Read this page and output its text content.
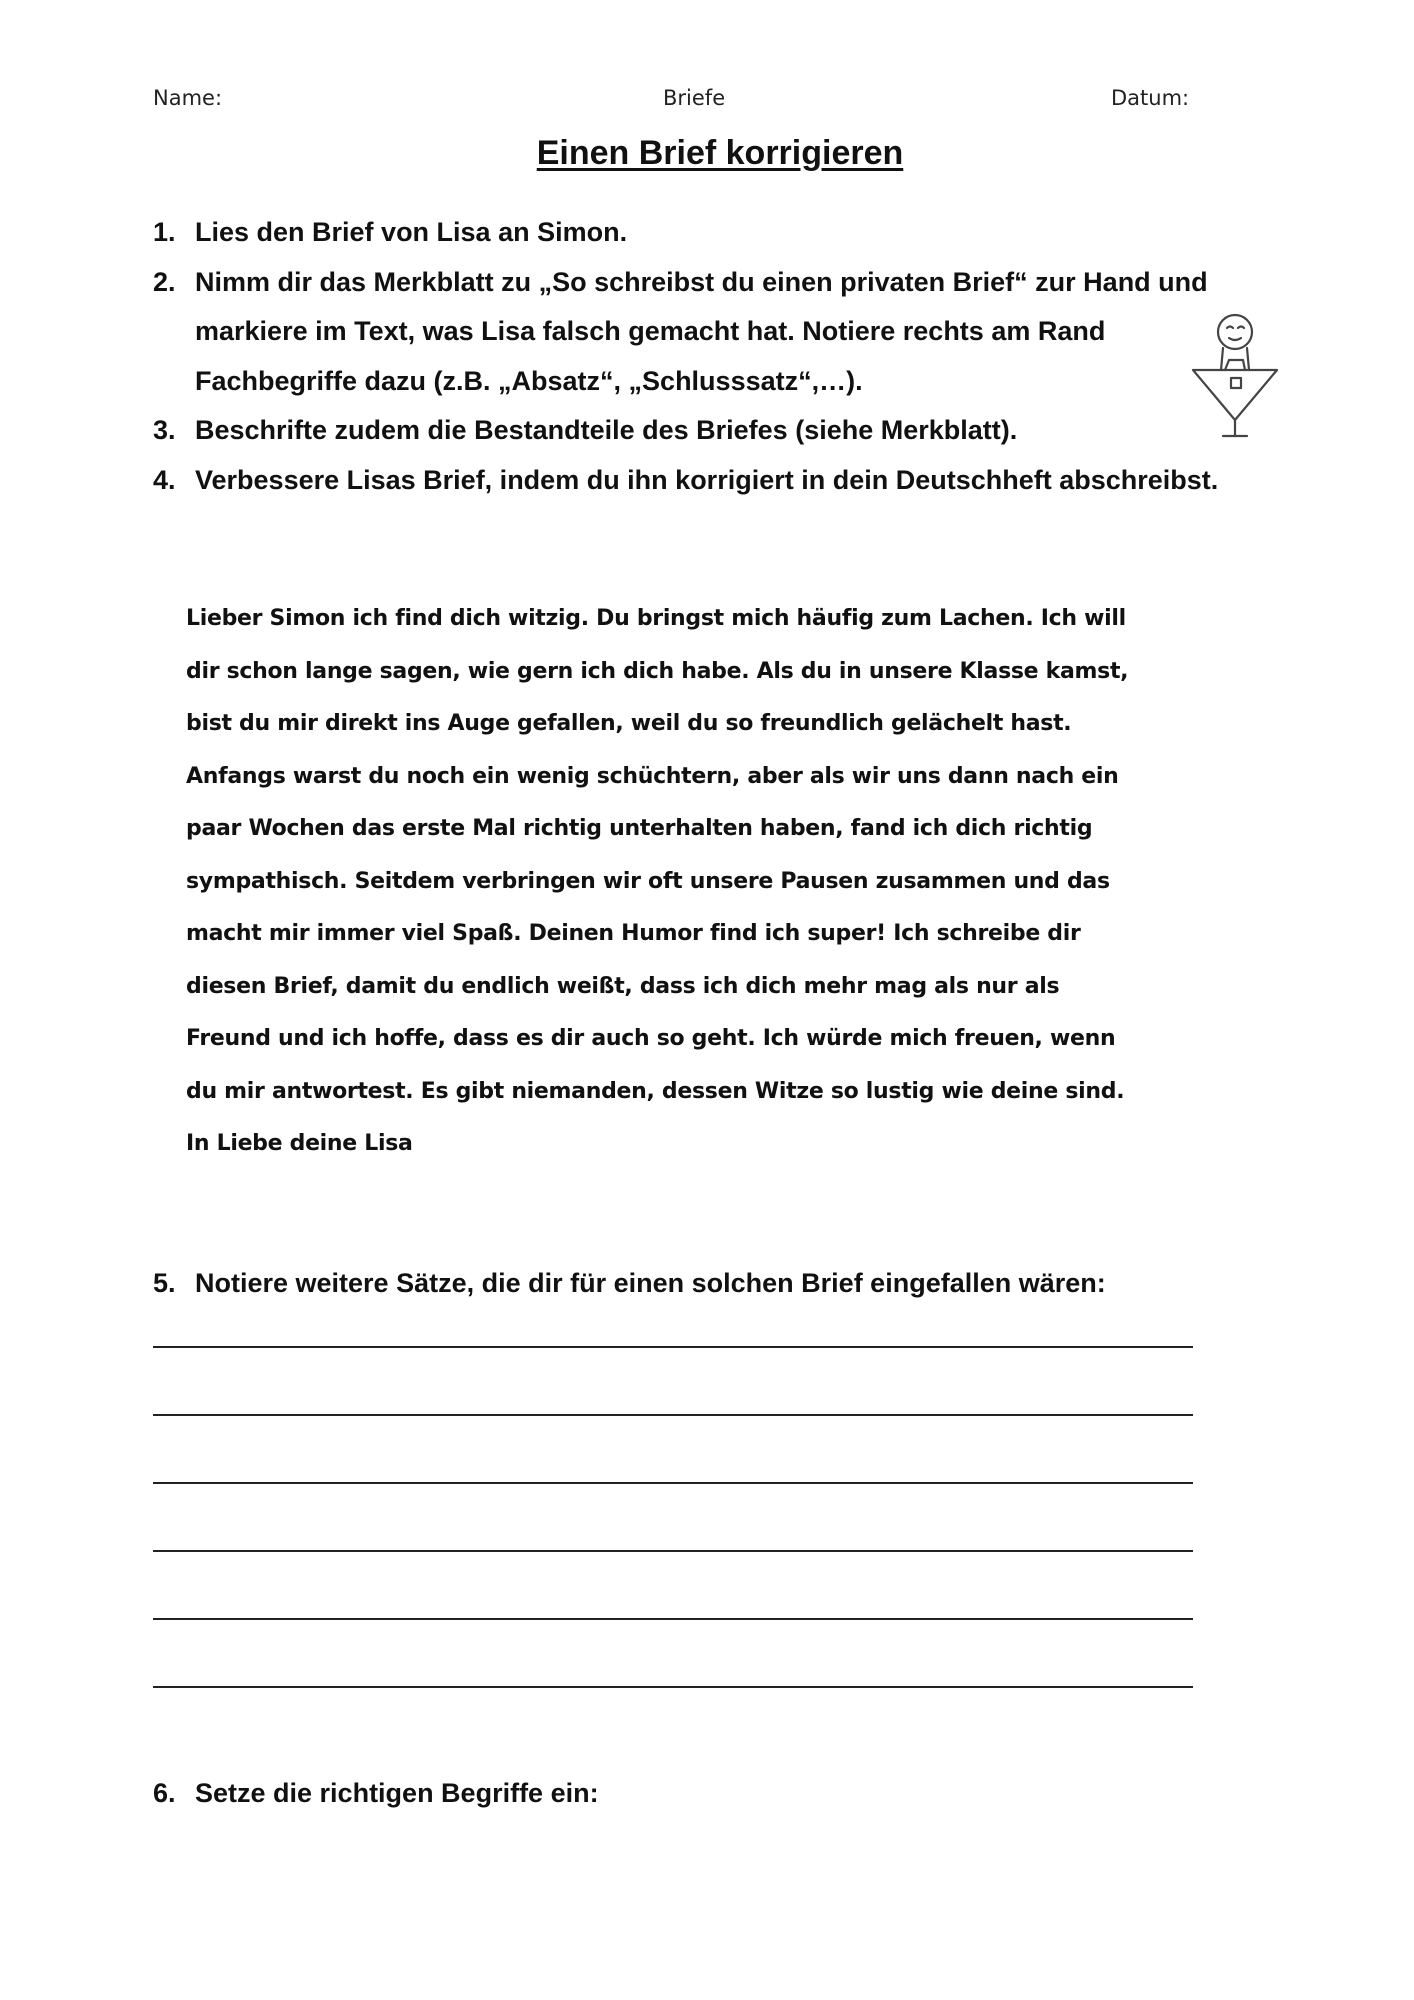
Name:	Briefe	Datum:
Einen Brief korrigieren
1. Lies den Brief von Lisa an Simon.
2. Nimm dir das Merkblatt zu „So schreibst du einen privaten Brief“ zur Hand und
markiere im Text, was Lisa falsch gemacht hat. Notiere rechts am Rand
Fachbegriffe dazu (z.B. „Absatz“, „Schlusssatz“,…).
3. Beschrifte zudem die Bestandteile des Briefes (siehe Merkblatt).
4. Verbessere Lisas Brief, indem du ihn korrigiert in dein Deutschheft abschreibst.
Lieber Simon ich find dich witzig. Du bringst mich häufig zum Lachen. Ich will
dir schon lange sagen, wie gern ich dich habe. Als du in unsere Klasse kamst,
bist du mir direkt ins Auge gefallen, weil du so freundlich gelächelt hast.
Anfangs warst du noch ein wenig schüchtern, aber als wir uns dann nach ein
paar Wochen das erste Mal richtig unterhalten haben, fand ich dich richtig
sympathisch. Seitdem verbringen wir oft unsere Pausen zusammen und das
macht mir immer viel Spaß. Deinen Humor find ich super! Ich schreibe dir
diesen Brief, damit du endlich weißt, dass ich dich mehr mag als nur als
Freund und ich hoffe, dass es dir auch so geht. Ich würde mich freuen, wenn
du mir antwortest. Es gibt niemanden, dessen Witze so lustig wie deine sind.
In Liebe deine Lisa
5. Notiere weitere Sätze, die dir für einen solchen Brief eingefallen wären:
6. Setze die richtigen Begriffe ein:
